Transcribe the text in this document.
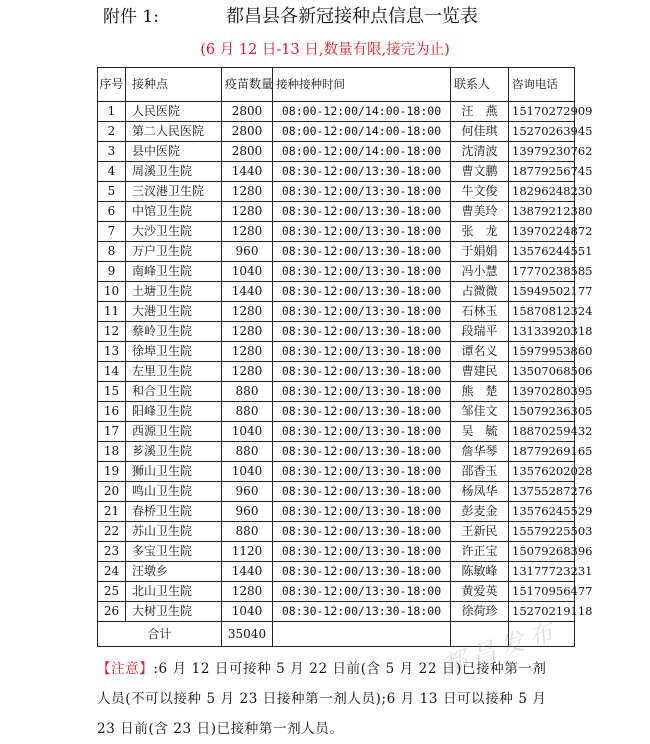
附件 1:	都昌县各新冠接种点信息一览表
(6 月 12 日-13 日,数量有限,接完为止)
序号	接种点	疫苗数量	接种接种时间	联系人	咨询电话
1	人民医院	2800	08:00-12:00/14:00-18:00	汪　燕	15170272909
2	第二人民医院	2800	08:00-12:00/14:00-18:00	何佳琪	15270263945
3	县中医院	2800	08:00-12:00/14:00-18:00	沈清波	13979230762
4	周溪卫生院	1440	08:30-12:00/13:30-18:00	曹文鹏	18779256745
5	三汊港卫生院	1280	08:30-12:00/13:30-18:00	牛文俊	18296248230
6	中馆卫生院	1280	08:30-12:00/13:30-18:00	曹美玲	13879212380
7	大沙卫生院	1280	08:30-12:00/13:30-18:00	张　龙	13970224872
8	万户卫生院	960	08:30-12:00/13:30-18:00	于娟娟	13576244551
9	南峰卫生院	1040	08:30-12:00/13:30-18:00	冯小慧	17770238585
10	土塘卫生院	1440	08:30-12:00/13:30-18:00	占微微	15949502177
11	大港卫生院	1280	08:30-12:00/13:30-18:00	石林玉	15870812324
12	蔡岭卫生院	1280	08:30-12:00/13:30-18:00	段瑞平	13133920318
13	徐埠卫生院	1280	08:30-12:00/13:30-18:00	谭名义	15979953860
14	左里卫生院	1280	08:30-12:00/13:30-18:00	曹建民	13507068506
15	和合卫生院	880	08:30-12:00/13:30-18:00	熊　楚	13970280395
16	阳峰卫生院	880	08:30-12:00/13:30-18:00	邹佳文	15079236305
17	西源卫生院	1040	08:30-12:00/13:30-18:00	吴　毓	18870259432
18	芗溪卫生院	880	08:30-12:00/13:30-18:00	詹华琴	18779269165
19	狮山卫生院	1040	08:30-12:00/13:30-18:00	邵香玉	13576202028
20	鸣山卫生院	960	08:30-12:00/13:30-18:00	杨凤华	13755287276
21	春桥卫生院	960	08:30-12:00/13:30-18:00	彭麦金	13576245529
22	苏山卫生院	880	08:30-12:00/13:30-18:00	王新民	15579225503
23	多宝卫生院	1120	08:30-12:00/13:30-18:00	许正宝	15079268396
24	汪墩乡	1440	08:30-12:00/13:30-18:00	陈敏峰	13177723231
25	北山卫生院	1280	08:30-12:00/13:30-18:00	黄爱英	15170956477
26	大树卫生院	1040	08:30-12:00/13:30-18:00	徐荷珍	15270219118
合计		35040			
【注意】:6 月 12 日可接种 5 月 22 日前(含 5 月 22 日)已接种第一剂人员(不可以接种 5 月 23 日接种第一剂人员);6 月 13 日可以接种 5 月 23 日前(含 23 日)已接种第一剂人员。
都昌发布
